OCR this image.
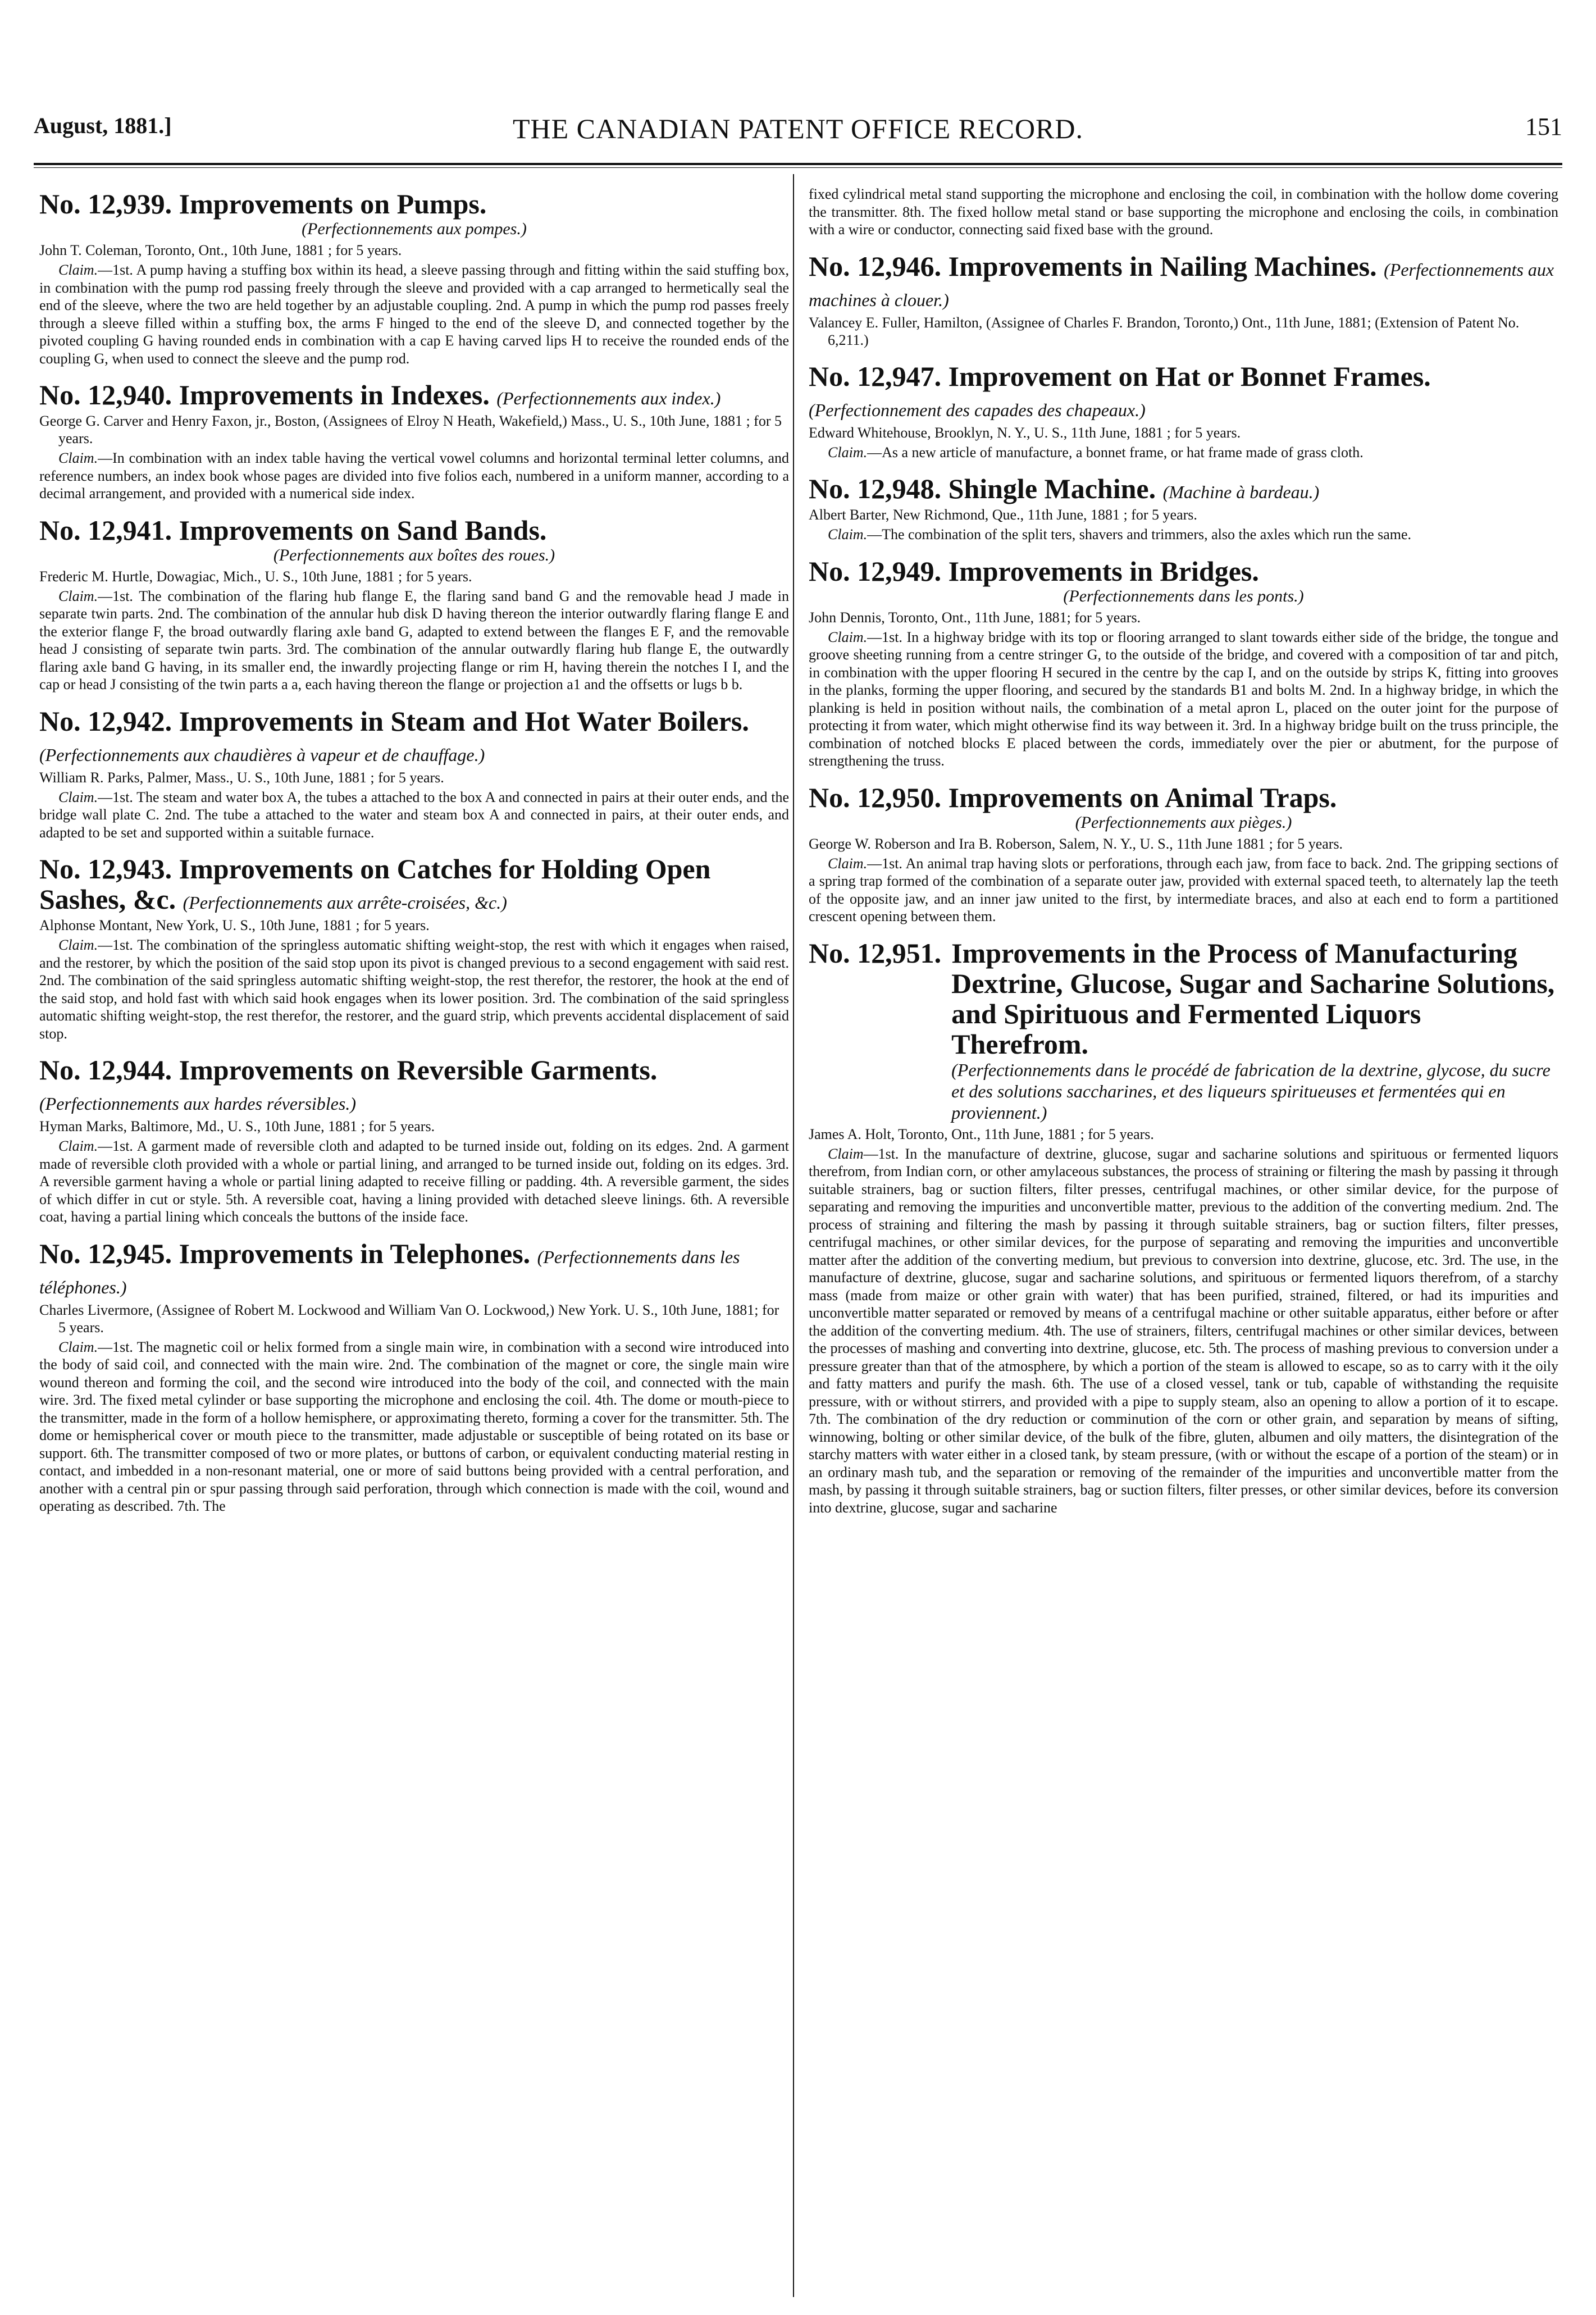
August, 1881.]	THE CANADIAN PATENT OFFICE RECORD.	151
No. 12,939. Improvements on Pumps.
(Perfectionnements aux pompes.)
John T. Coleman, Toronto, Ont., 10th June, 1881 ; for 5 years.
Claim.—1st. A pump having a stuffing box within its head, a sleeve passing through and fitting within the said stuffing box, in combination with the pump rod passing freely through the sleeve and provided with a cap arranged to hermetically seal the end of the sleeve, where the two are held together by an adjustable coupling. 2nd. A pump in which the pump rod passes freely through a sleeve filled within a stuffing box, the arms F hinged to the end of the sleeve D, and connected together by the pivoted coupling G having rounded ends in combination with a cap E having carved lips H to receive the rounded ends of the coupling G, when used to connect the sleeve and the pump rod.
No. 12,940. Improvements in Indexes. (Perfectionnements aux index.)
George G. Carver and Henry Faxon, jr., Boston, (Assignees of Elroy N Heath, Wakefield,) Mass., U. S., 10th June, 1881 ; for 5 years.
Claim.—In combination with an index table having the vertical vowel columns and horizontal terminal letter columns, and reference numbers, an index book whose pages are divided into five folios each, numbered in a uniform manner, according to a decimal arrangement, and provided with a numerical side index.
No. 12,941. Improvements on Sand Bands.
(Perfectionnements aux boîtes des roues.)
Frederic M. Hurtle, Dowagiac, Mich., U. S., 10th June, 1881 ; for 5 years.
Claim.—1st. The combination of the flaring hub flange E, the flaring sand band G and the removable head J made in separate twin parts. 2nd. The combination of the annular hub disk D having thereon the interior outwardly flaring flange E and the exterior flange F, the broad outwardly flaring axle band G, adapted to extend between the flanges E F, and the removable head J consisting of separate twin parts. 3rd. The combination of the annular outwardly flaring hub flange E, the outwardly flaring axle band G having, in its smaller end, the inwardly projecting flange or rim H, having therein the notches I I, and the cap or head J consisting of the twin parts a a, each having thereon the flange or projection a1 and the offsetts or lugs b b.
No. 12,942. Improvements in Steam and Hot Water Boilers. (Perfectionnements aux chaudières à vapeur et de chauffage.)
William R. Parks, Palmer, Mass., U. S., 10th June, 1881 ; for 5 years.
Claim.—1st. The steam and water box A, the tubes a attached to the box A and connected in pairs at their outer ends, and the bridge wall plate C. 2nd. The tube a attached to the water and steam box A and connected in pairs, at their outer ends, and adapted to be set and supported within a suitable furnace.
No. 12,943. Improvements on Catches for Holding Open Sashes, &c. (Perfectionnements aux arrête-croisées, &c.)
Alphonse Montant, New York, U. S., 10th June, 1881 ; for 5 years.
Claim.—1st. The combination of the springless automatic shifting weight-stop, the rest with which it engages when raised, and the restorer, by which the position of the said stop upon its pivot is changed previous to a second engagement with said rest. 2nd. The combination of the said springless automatic shifting weight-stop, the rest therefor, the restorer, the hook at the end of the said stop, and hold fast with which said hook engages when its lower position. 3rd. The combination of the said springless automatic shifting weight-stop, the rest therefor, the restorer, and the guard strip, which prevents accidental displacement of said stop.
No. 12,944. Improvements on Reversible Garments. (Perfectionnements aux hardes réversibles.)
Hyman Marks, Baltimore, Md., U. S., 10th June, 1881 ; for 5 years.
Claim.—1st. A garment made of reversible cloth and adapted to be turned inside out, folding on its edges. 2nd. A garment made of reversible cloth provided with a whole or partial lining, and arranged to be turned inside out, folding on its edges. 3rd. A reversible garment having a whole or partial lining adapted to receive filling or padding. 4th. A reversible garment, the sides of which differ in cut or style. 5th. A reversible coat, having a lining provided with detached sleeve linings. 6th. A reversible coat, having a partial lining which conceals the buttons of the inside face.
No. 12,945. Improvements in Telephones. (Perfectionnements dans les téléphones.)
Charles Livermore, (Assignee of Robert M. Lockwood and William Van O. Lockwood,) New York. U. S., 10th June, 1881; for 5 years.
Claim.—1st. The magnetic coil or helix formed from a single main wire, in combination with a second wire introduced into the body of said coil, and connected with the main wire. 2nd. The combination of the magnet or core, the single main wire wound thereon and forming the coil, and the second wire introduced into the body of the coil, and connected with the main wire. 3rd. The fixed metal cylinder or base supporting the microphone and enclosing the coil. 4th. The dome or mouth-piece to the transmitter, made in the form of a hollow hemisphere, or approximating thereto, forming a cover for the transmitter. 5th. The dome or hemispherical cover or mouth piece to the transmitter, made adjustable or susceptible of being rotated on its base or support. 6th. The transmitter composed of two or more plates, or buttons of carbon, or equivalent conducting material resting in contact, and imbedded in a non-resonant material, one or more of said buttons being provided with a central perforation, and another with a central pin or spur passing through said perforation, through which connection is made with the coil, wound and operating as described. 7th. The
fixed cylindrical metal stand supporting the microphone and enclosing the coil, in combination with the hollow dome covering the transmitter. 8th. The fixed hollow metal stand or base supporting the microphone and enclosing the coils, in combination with a wire or conductor, connecting said fixed base with the ground.
No. 12,946. Improvements in Nailing Machines. (Perfectionnements aux machines à clouer.)
Valancey E. Fuller, Hamilton, (Assignee of Charles F. Brandon, Toronto,) Ont., 11th June, 1881; (Extension of Patent No. 6,211.)
No. 12,947. Improvement on Hat or Bonnet Frames. (Perfectionnement des capades des chapeaux.)
Edward Whitehouse, Brooklyn, N. Y., U. S., 11th June, 1881 ; for 5 years.
Claim.—As a new article of manufacture, a bonnet frame, or hat frame made of grass cloth.
No. 12,948. Shingle Machine. (Machine à bardeau.)
Albert Barter, New Richmond, Que., 11th June, 1881 ; for 5 years.
Claim.—The combination of the split ters, shavers and trimmers, also the axles which run the same.
No. 12,949. Improvements in Bridges.
(Perfectionnements dans les ponts.)
John Dennis, Toronto, Ont., 11th June, 1881; for 5 years.
Claim.—1st. In a highway bridge with its top or flooring arranged to slant towards either side of the bridge, the tongue and groove sheeting running from a centre stringer G, to the outside of the bridge, and covered with a composition of tar and pitch, in combination with the upper flooring H secured in the centre by the cap I, and on the outside by strips K, fitting into grooves in the planks, forming the upper flooring, and secured by the standards B1 and bolts M. 2nd. In a highway bridge, in which the planking is held in position without nails, the combination of a metal apron L, placed on the outer joint for the purpose of protecting it from water, which might otherwise find its way between it. 3rd. In a highway bridge built on the truss principle, the combination of notched blocks E placed between the cords, immediately over the pier or abutment, for the purpose of strengthening the truss.
No. 12,950. Improvements on Animal Traps.
(Perfectionnements aux pièges.)
George W. Roberson and Ira B. Roberson, Salem, N. Y., U. S., 11th June 1881 ; for 5 years.
Claim.—1st. An animal trap having slots or perforations, through each jaw, from face to back. 2nd. The gripping sections of a spring trap formed of the combination of a separate outer jaw, provided with external spaced teeth, to alternately lap the teeth of the opposite jaw, and an inner jaw united to the first, by intermediate braces, and also at each end to form a partitioned crescent opening between them.
No. 12,951. Improvements in the Process of Manufacturing Dextrine, Glucose, Sugar and Sacharine Solutions, and Spirituous and Fermented Liquors Therefrom.
(Perfectionnements dans le procédé de fabrication de la dextrine, glycose, du sucre et des solutions saccharines, et des liqueurs spiritueuses et fermentées qui en proviennent.)
James A. Holt, Toronto, Ont., 11th June, 1881 ; for 5 years.
Claim—1st. In the manufacture of dextrine, glucose, sugar and sacharine solutions and spirituous or fermented liquors therefrom, from Indian corn, or other amylaceous substances, the process of straining or filtering the mash by passing it through suitable strainers, bag or suction filters, filter presses, centrifugal machines, or other similar device, for the purpose of separating and removing the impurities and unconvertible matter, previous to the addition of the converting medium. 2nd. The process of straining and filtering the mash by passing it through suitable strainers, bag or suction filters, filter presses, centrifugal machines, or other similar devices, for the purpose of separating and removing the impurities and unconvertible matter after the addition of the converting medium, but previous to conversion into dextrine, glucose, etc. 3rd. The use, in the manufacture of dextrine, glucose, sugar and sacharine solutions, and spirituous or fermented liquors therefrom, of a starchy mass (made from maize or other grain with water) that has been purified, strained, filtered, or had its impurities and unconvertible matter separated or removed by means of a centrifugal machine or other suitable apparatus, either before or after the addition of the converting medium. 4th. The use of strainers, filters, centrifugal machines or other similar devices, between the processes of mashing and converting into dextrine, glucose, etc. 5th. The process of mashing previous to conversion under a pressure greater than that of the atmosphere, by which a portion of the steam is allowed to escape, so as to carry with it the oily and fatty matters and purify the mash. 6th. The use of a closed vessel, tank or tub, capable of withstanding the requisite pressure, with or without stirrers, and provided with a pipe to supply steam, also an opening to allow a portion of it to escape. 7th. The combination of the dry reduction or comminution of the corn or other grain, and separation by means of sifting, winnowing, bolting or other similar device, of the bulk of the fibre, gluten, albumen and oily matters, the disintegration of the starchy matters with water either in a closed tank, by steam pressure, (with or without the escape of a portion of the steam) or in an ordinary mash tub, and the separation or removing of the remainder of the impurities and unconvertible matter from the mash, by passing it through suitable strainers, bag or suction filters, filter presses, or other similar devices, before its conversion into dextrine, glucose, sugar and sacharine
